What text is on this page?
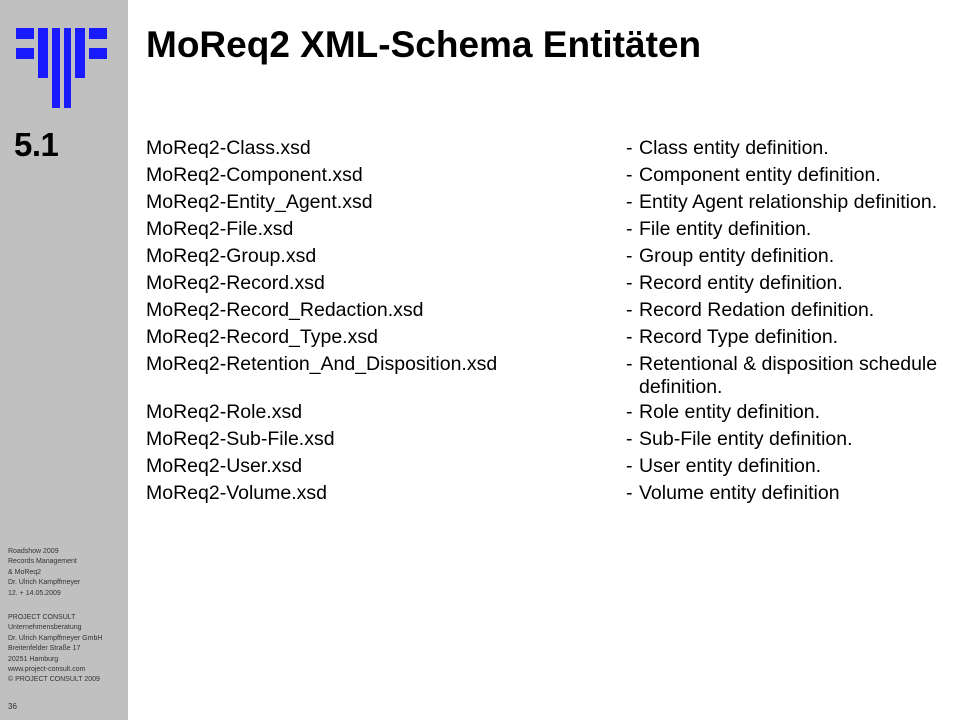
5.1
Roadshow 2009
Records Management
& MoReq2
Dr. Ulrich Kampffmeyer
12. + 14.05.2009
PROJECT CONSULT
Unternehmensberatung
Dr. Ulrich Kampffmeyer GmbH
Breitenfelder Straße 17
20251 Hamburg
www.project-consult.com
© PROJECT CONSULT 2009
36
MoReq2 XML-Schema Entitäten
MoReq2-Class.xsd	- Class entity definition.
MoReq2-Component.xsd	- Component entity definition.
MoReq2-Entity_Agent.xsd	- Entity Agent relationship definition.
MoReq2-File.xsd	- File entity definition.
MoReq2-Group.xsd	- Group entity definition.
MoReq2-Record.xsd	- Record entity definition.
MoReq2-Record_Redaction.xsd	- Record Redation definition.
MoReq2-Record_Type.xsd	- Record Type definition.
MoReq2-Retention_And_Disposition.xsd	- Retentional & disposition schedule definition.
MoReq2-Role.xsd	- Role entity definition.
MoReq2-Sub-File.xsd	- Sub-File entity definition.
MoReq2-User.xsd	- User entity definition.
MoReq2-Volume.xsd	- Volume entity definition
